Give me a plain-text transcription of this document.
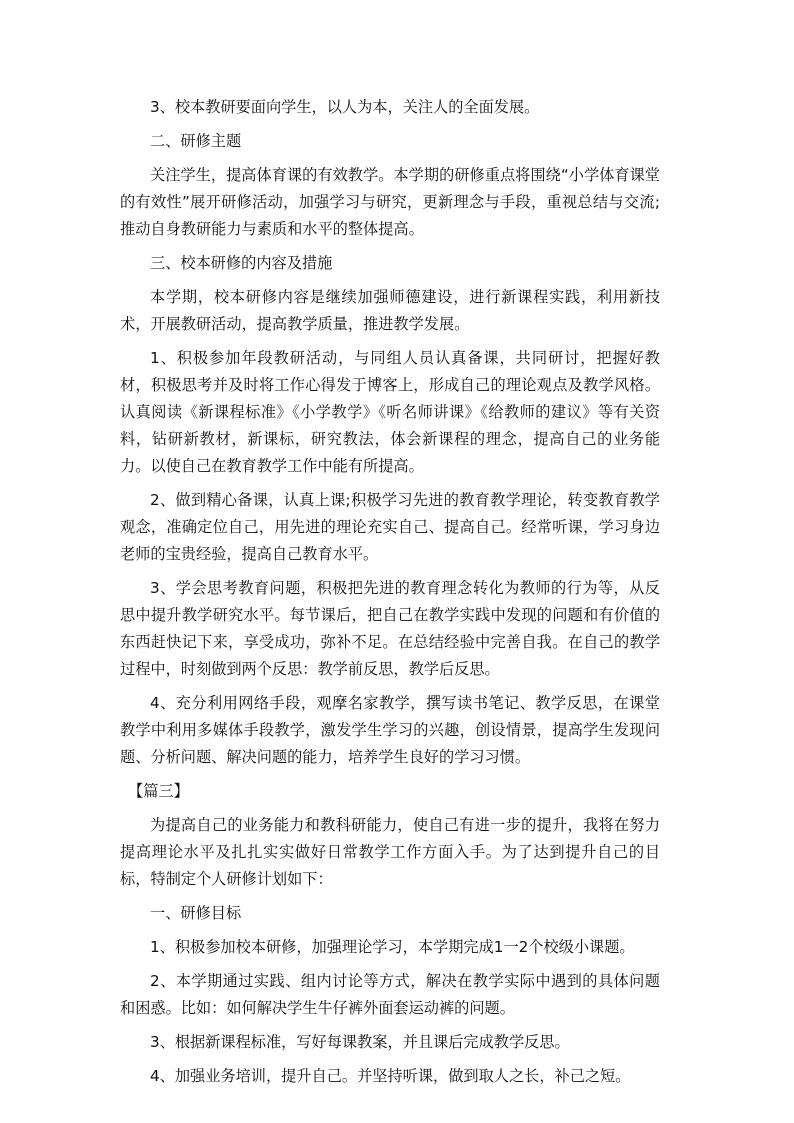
3、校本教研要面向学生，以人为本，关注人的全面发展。

二、研修主题

关注学生，提高体育课的有效教学。本学期的研修重点将围绕“小学体育课堂的有效性”展开研修活动，加强学习与研究，更新理念与手段，重视总结与交流;推动自身教研能力与素质和水平的整体提高。

三、校本研修的内容及措施

本学期，校本研修内容是继续加强师德建设，进行新课程实践，利用新技术，开展教研活动，提高教学质量，推进教学发展。

1、积极参加年段教研活动，与同组人员认真备课，共同研讨，把握好教材，积极思考并及时将工作心得发于博客上，形成自己的理论观点及教学风格。认真阅读《新课程标准》《小学教学》《听名师讲课》《给教师的建议》等有关资料，钻研新教材，新课标，研究教法，体会新课程的理念，提高自己的业务能力。以使自己在教育教学工作中能有所提高。

2、做到精心备课，认真上课;积极学习先进的教育教学理论，转变教育教学观念，准确定位自己，用先进的理论充实自己、提高自己。经常听课，学习身边老师的宝贵经验，提高自己教育水平。

3、学会思考教育问题，积极把先进的教育理念转化为教师的行为等，从反思中提升教学研究水平。每节课后，把自己在教学实践中发现的问题和有价值的东西赶快记下来，享受成功，弥补不足。在总结经验中完善自我。在自己的教学过程中，时刻做到两个反思：教学前反思，教学后反思。

4、充分利用网络手段，观摩名家教学，撰写读书笔记、教学反思，在课堂教学中利用多媒体手段教学，激发学生学习的兴趣，创设情景，提高学生发现问题、分析问题、解决问题的能力，培养学生良好的学习习惯。

【篇三】

为提高自己的业务能力和教科研能力，使自己有进一步的提升，我将在努力提高理论水平及扎扎实实做好日常教学工作方面入手。为了达到提升自己的目标，特制定个人研修计划如下：

一、研修目标

1、积极参加校本研修，加强理论学习，本学期完成1一2个校级小课题。

2、本学期通过实践、组内讨论等方式，解决在教学实际中遇到的具体问题和困惑。比如：如何解决学生牛仔裤外面套运动裤的问题。

3、根据新课程标准，写好每课教案，并且课后完成教学反思。

4、加强业务培训，提升自己。并坚持听课，做到取人之长，补己之短。
